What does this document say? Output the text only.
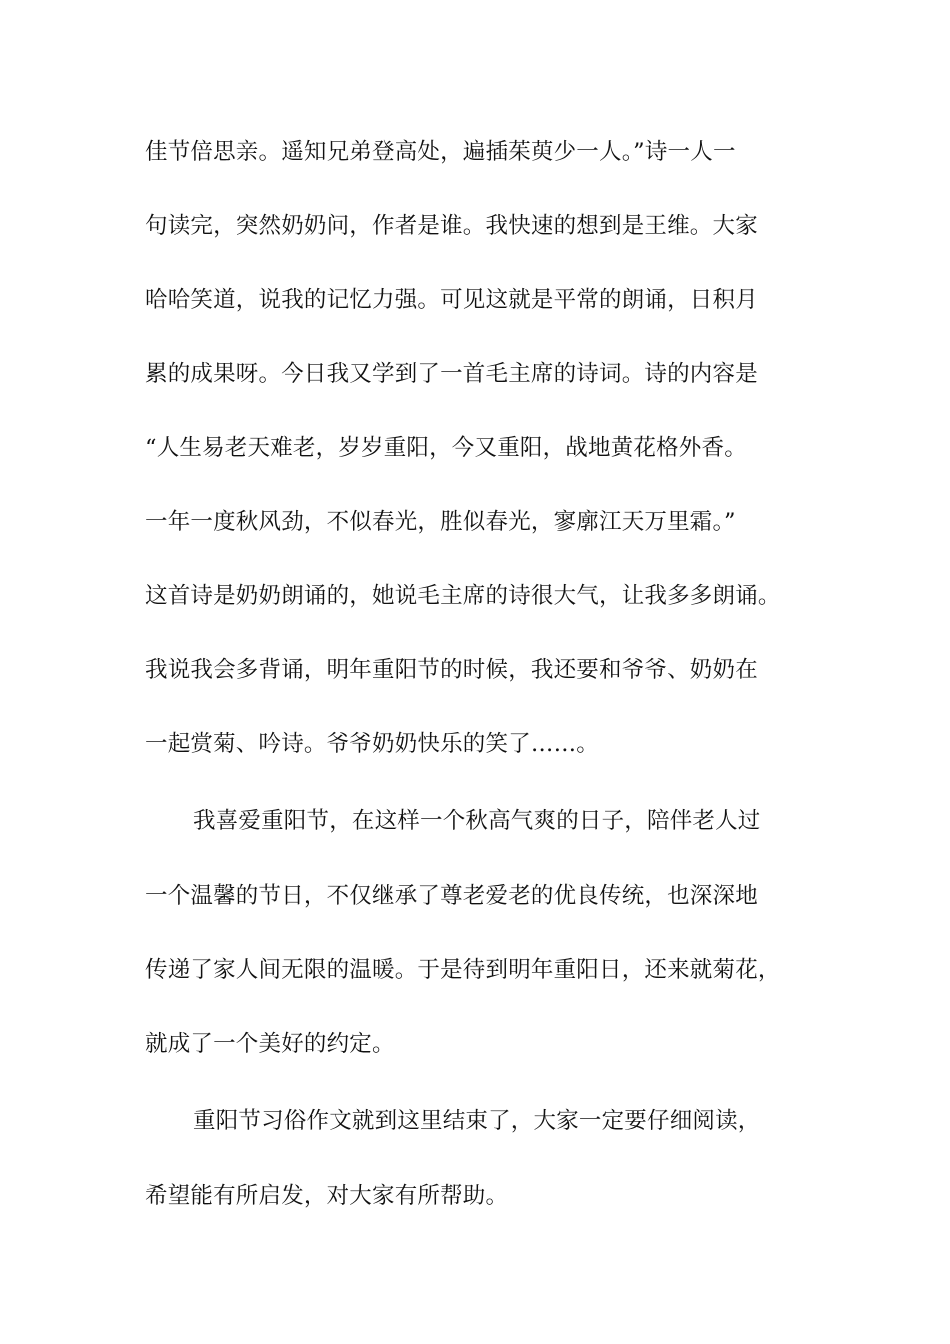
佳节倍思亲。遥知兄弟登高处，遍插茱萸少一人。”诗一人一
句读完，突然奶奶问，作者是谁。我快速的想到是王维。大家
哈哈笑道，说我的记忆力强。可见这就是平常的朗诵，日积月
累的成果呀。今日我又学到了一首毛主席的诗词。诗的内容是
“人生易老天难老，岁岁重阳，今又重阳，战地黄花格外香。
一年一度秋风劲，不似春光，胜似春光，寥廓江天万里霜。”
这首诗是奶奶朗诵的，她说毛主席的诗很大气，让我多多朗诵。
我说我会多背诵，明年重阳节的时候，我还要和爷爷、奶奶在
一起赏菊、吟诗。爷爷奶奶快乐的笑了……。
我喜爱重阳节，在这样一个秋高气爽的日子，陪伴老人过
一个温馨的节日，不仅继承了尊老爱老的优良传统，也深深地
传递了家人间无限的温暖。于是待到明年重阳日，还来就菊花，
就成了一个美好的约定。
重阳节习俗作文就到这里结束了，大家一定要仔细阅读，
希望能有所启发，对大家有所帮助。
